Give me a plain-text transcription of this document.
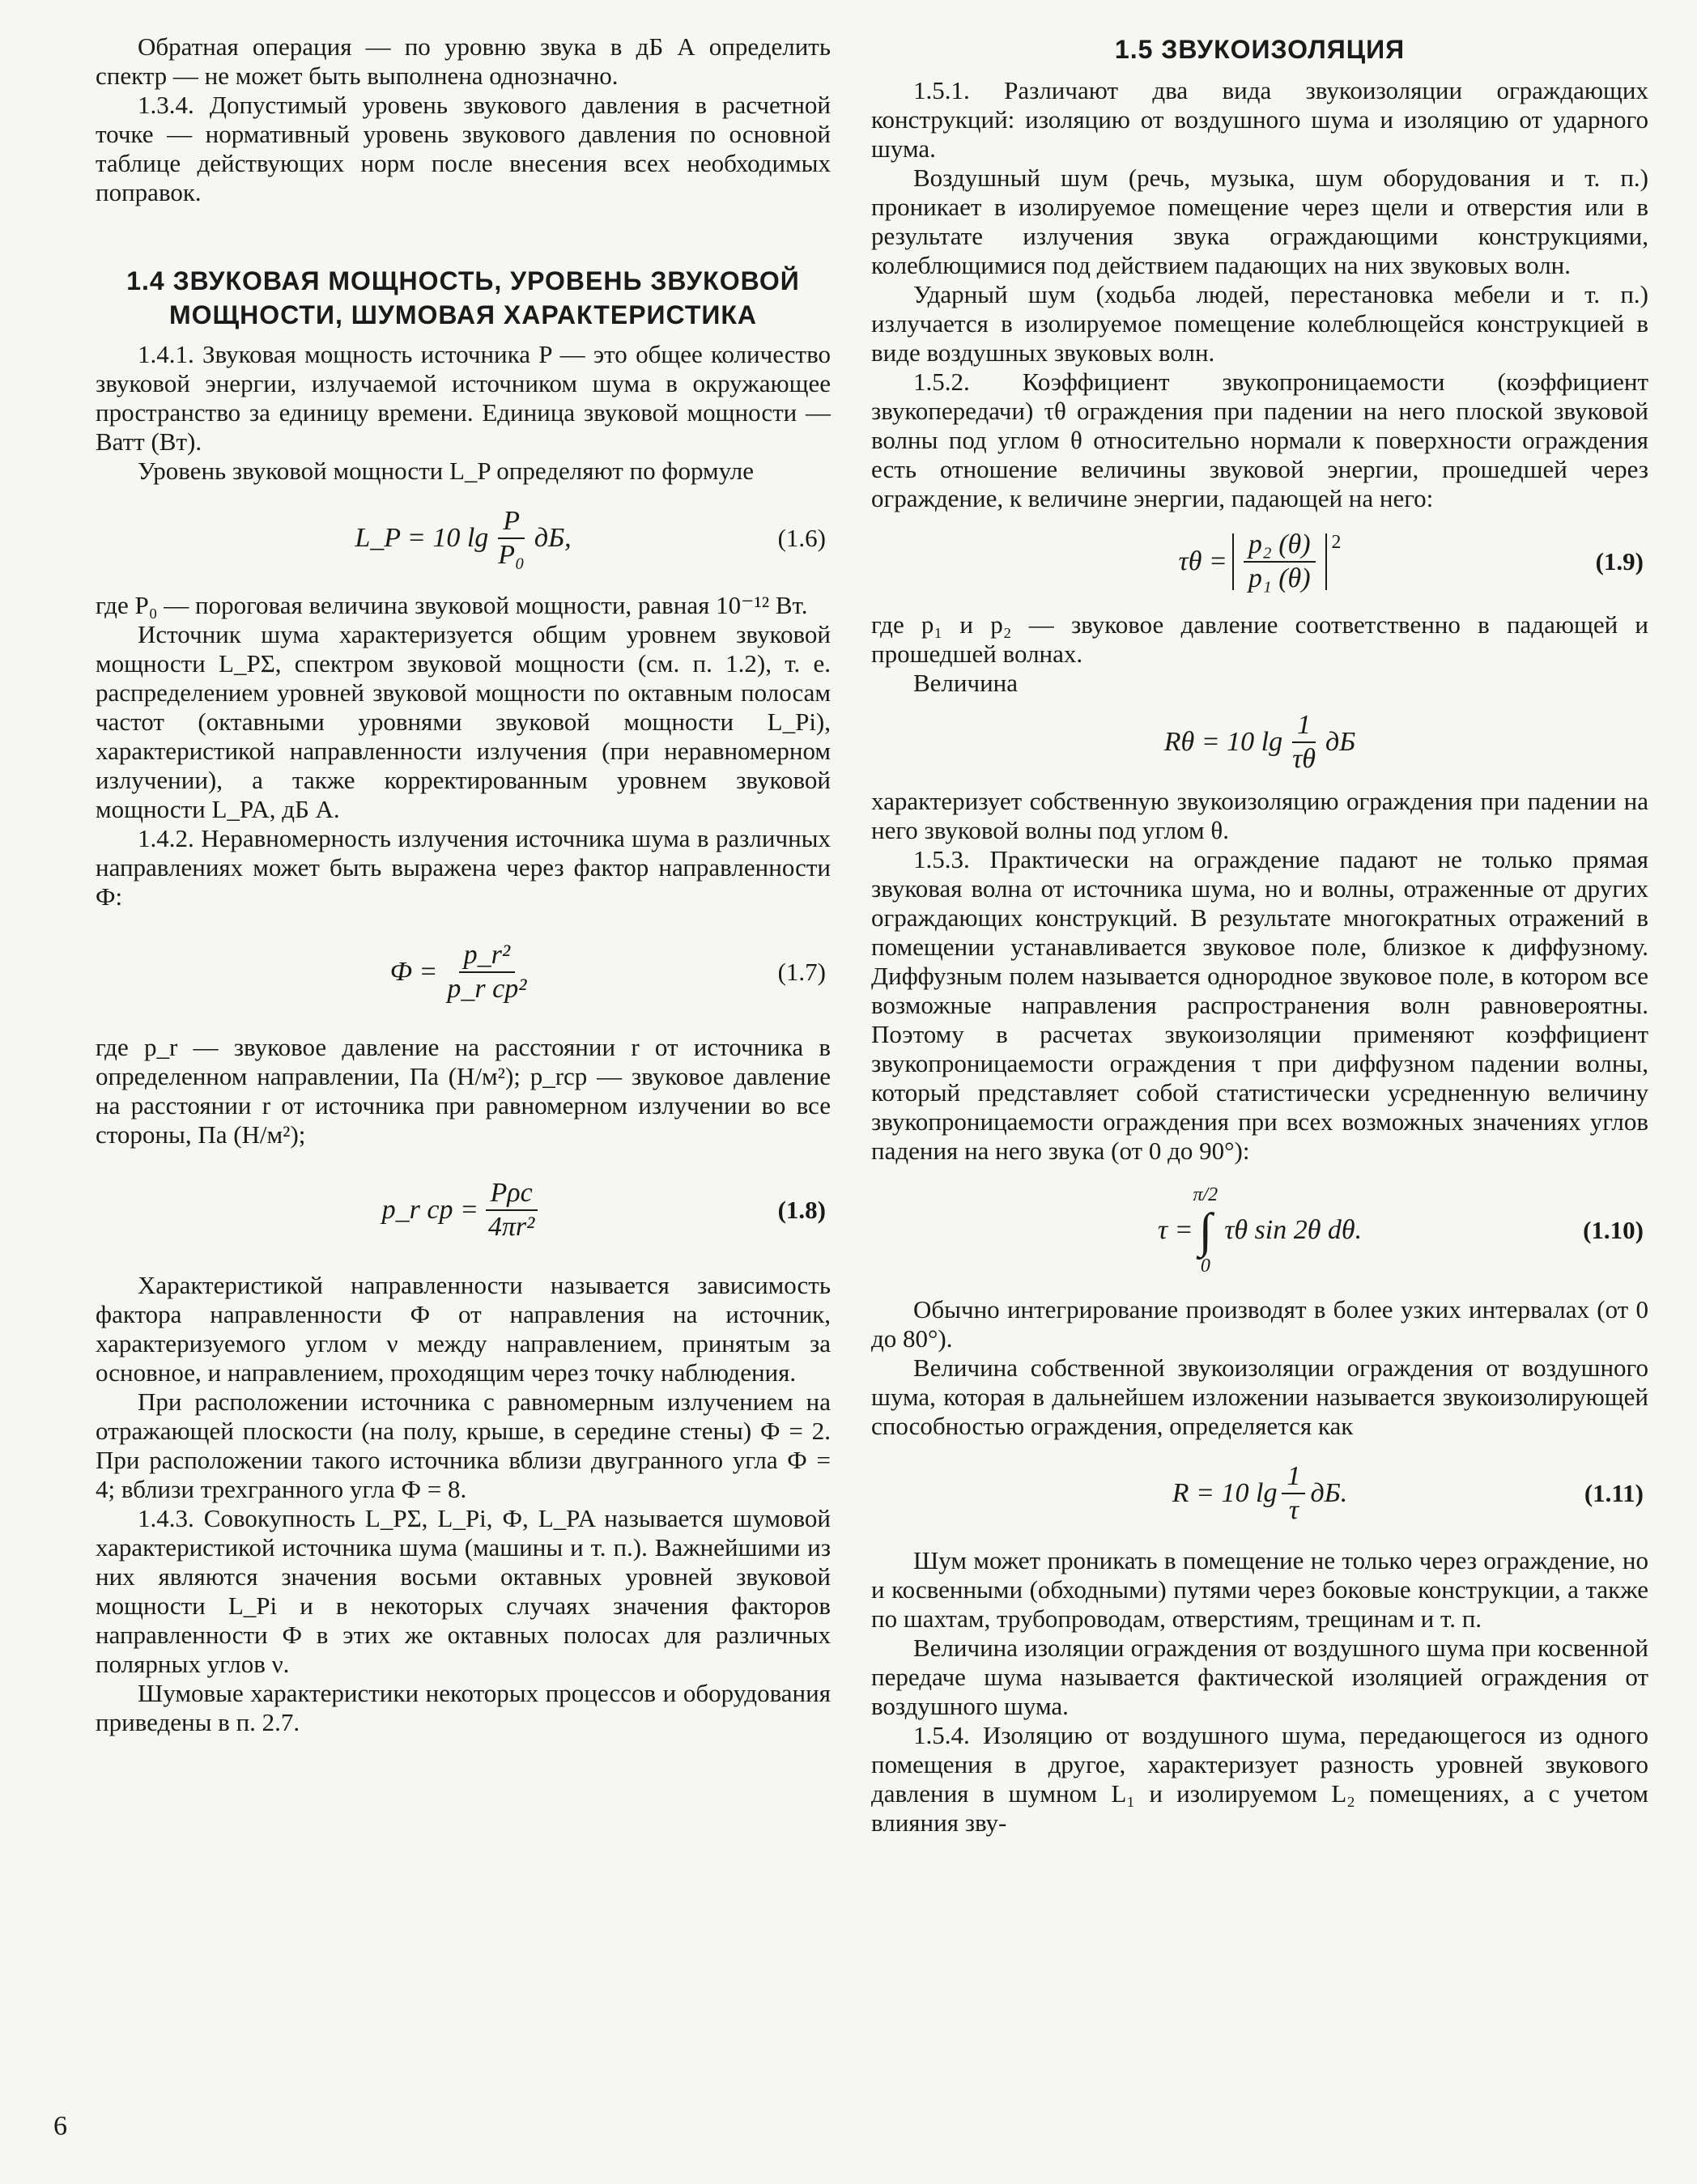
Обратная операция — по уровню звука в дБ А определить спектр — не может быть выполнена однозначно.

1.3.4. Допустимый уровень звукового давления в расчетной точке — нормативный уровень звукового давления по основной таблице действующих норм после внесения всех необходимых поправок.

1.4 ЗВУКОВАЯ МОЩНОСТЬ, УРОВЕНЬ ЗВУКОВОЙ МОЩНОСТИ, ШУМОВАЯ ХАРАКТЕРИСТИКА

1.4.1. Звуковая мощность источника P — это общее количество звуковой энергии, излучаемой источником шума в окружающее пространство за единицу времени. Единица звуковой мощности — Ватт (Вт).

Уровень звуковой мощности L_P определяют по формуле

L_P = 10 $\lg \frac{P}{\text{P₀}}$ дБ,	(1.6)

где P₀ — пороговая величина звуковой мощности, равная 10⁻¹² Вт.

Источник шума характеризуется общим уровнем звуковой мощности L_PΣ, спектром звуковой мощности (см. п. 1.2), т. е. распределением уровней звуковой мощности по октавным полосам частот (октавными уровнями звуковой мощности L_Pi), характеристикой направленности излучения (при неравномерном излучении), а также корректированным уровнем звуковой мощности L_PA, дБ А.

1.4.2. Неравномерность излучения источника шума в различных направлениях может быть выражена через фактор направленности Ф:

$Ф = \frac{\text{p\_r²}}{\text{p\_r ср²}}$	(1.7)

где p_r — звуковое давление на расстоянии r от источника в определенном направлении, Па (Н/м²); p_rср — звуковое давление на расстоянии r от источника при равномерном излучении во все стороны, Па (Н/м²);

p_r ср = $\frac{\text{Pρc}}{\text{4πr²}}$	(1.8)

Характеристикой направленности называется зависимость фактора направленности Ф от направления на источник, характеризуемого углом ν между направлением, принятым за основное, и направлением, проходящим через точку наблюдения.

При расположении источника с равномерным излучением на отражающей плоскости (на полу, крыше, в середине стены) Ф = 2. При расположении такого источника вблизи двугранного угла Ф = 4; вблизи трехгранного угла Ф = 8.

1.4.3. Совокупность L_PΣ, L_Pi, Ф, L_PA называется шумовой характеристикой источника шума (машины и т. п.). Важнейшими из них являются значения восьми октавных уровней звуковой мощности L_Pi и в некоторых случаях значения факторов направленности Ф в этих же октавных полосах для различных полярных углов ν.

Шумовые характеристики некоторых процессов и оборудования приведены в п. 2.7.

1.5 ЗВУКОИЗОЛЯЦИЯ

1.5.1. Различают два вида звукоизоляции ограждающих конструкций: изоляцию от воздушного шума и изоляцию от ударного шума.

Воздушный шум (речь, музыка, шум оборудования и т. п.) проникает в изолируемое помещение через щели и отверстия или в результате излучения звука ограждающими конструкциями, колеблющимися под действием падающих на них звуковых волн.

Ударный шум (ходьба людей, перестановка мебели и т. п.) излучается в изолируемое помещение колеблющейся конструкцией в виде воздушных звуковых волн.

1.5.2. Коэффициент звукопроницаемости (коэффициент звукопередачи) τθ ограждения при падении на него плоской звуковой волны под углом θ относительно нормали к поверхности ограждения есть отношение величины звуковой энергии, прошедшей через ограждение, к величине энергии, падающей на него:

$\tau\theta = \frac{\text{p₂ (θ)}}{\text{p₁ (θ)}} ^2$
(1.9)

где p₁ и p₂ — звуковое давление соответственно в падающей и прошедшей волнах.

Величина

Rθ = 10 $\lg \frac{1}{\tau\theta}$ дБ

характеризует собственную звукоизоляцию ограждения при падении на него звуковой волны под углом θ.

1.5.3. Практически на ограждение падают не только прямая звуковая волна от источника шума, но и волны, отраженные от других ограждающих конструкций. В результате многократных отражений в помещении устанавливается звуковое поле, близкое к диффузному. Диффузным полем называется однородное звуковое поле, в котором все возможные направления распространения волн равновероятны. Поэтому в расчетах звукоизоляции применяют коэффициент звукопроницаемости ограждения τ при диффузном падении волны, который представляет собой статистически усредненную величину звукопроницаемости ограждения при всех возможных значениях углов падения на него звука (от 0 до 90°):

τ =
π/2
∫
0
τθ sin 2θ dθ.	(1.10)

Обычно интегрирование производят в более узких интервалах (от 0 до 80°).

Величина собственной звукоизоляции ограждения от воздушного шума, которая в дальнейшем изложении называется звукоизолирующей способностью ограждения, определяется как

R = 10 $\lg \frac{1}{\tau}$ дБ.	(1.11)

Шум может проникать в помещение не только через ограждение, но и косвенными (обходными) путями через боковые конструкции, а также по шахтам, трубопроводам, отверстиям, трещинам и т. п.

Величина изоляции ограждения от воздушного шума при косвенной передаче шума называется фактической изоляцией ограждения от воздушного шума.

1.5.4. Изоляцию от воздушного шума, передающегося из одного помещения в другое, характеризует разность уровней звукового давления в шумном L₁ и изолируемом L₂ помещениях, а с учетом влияния зву-

6
